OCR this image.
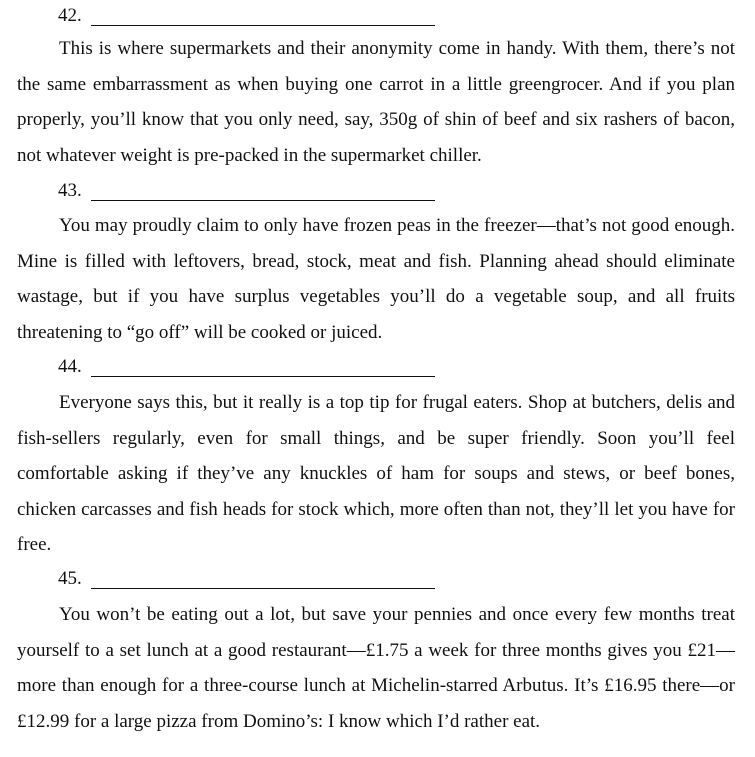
42.

This is where supermarkets and their anonymity come in handy. With them, there’s not the same embarrassment as when buying one carrot in a little greengrocer. And if you plan properly, you’ll know that you only need, say, 350g of shin of beef and six rashers of bacon, not whatever weight is pre-packed in the supermarket chiller.

43.

You may proudly claim to only have frozen peas in the freezer—that’s not good enough. Mine is filled with leftovers, bread, stock, meat and fish. Planning ahead should eliminate wastage, but if you have surplus vegetables you’ll do a vegetable soup, and all fruits threatening to “go off” will be cooked or juiced.

44.

Everyone says this, but it really is a top tip for frugal eaters. Shop at butchers, delis and fish-sellers regularly, even for small things, and be super friendly. Soon you’ll feel comfortable asking if they’ve any knuckles of ham for soups and stews, or beef bones, chicken carcasses and fish heads for stock which, more often than not, they’ll let you have for free.

45.

You won’t be eating out a lot, but save your pennies and once every few months treat yourself to a set lunch at a good restaurant—£1.75 a week for three months gives you £21—more than enough for a three-course lunch at Michelin-starred Arbutus. It’s £16.95 there—or £12.99 for a large pizza from Domino’s: I know which I’d rather eat.
